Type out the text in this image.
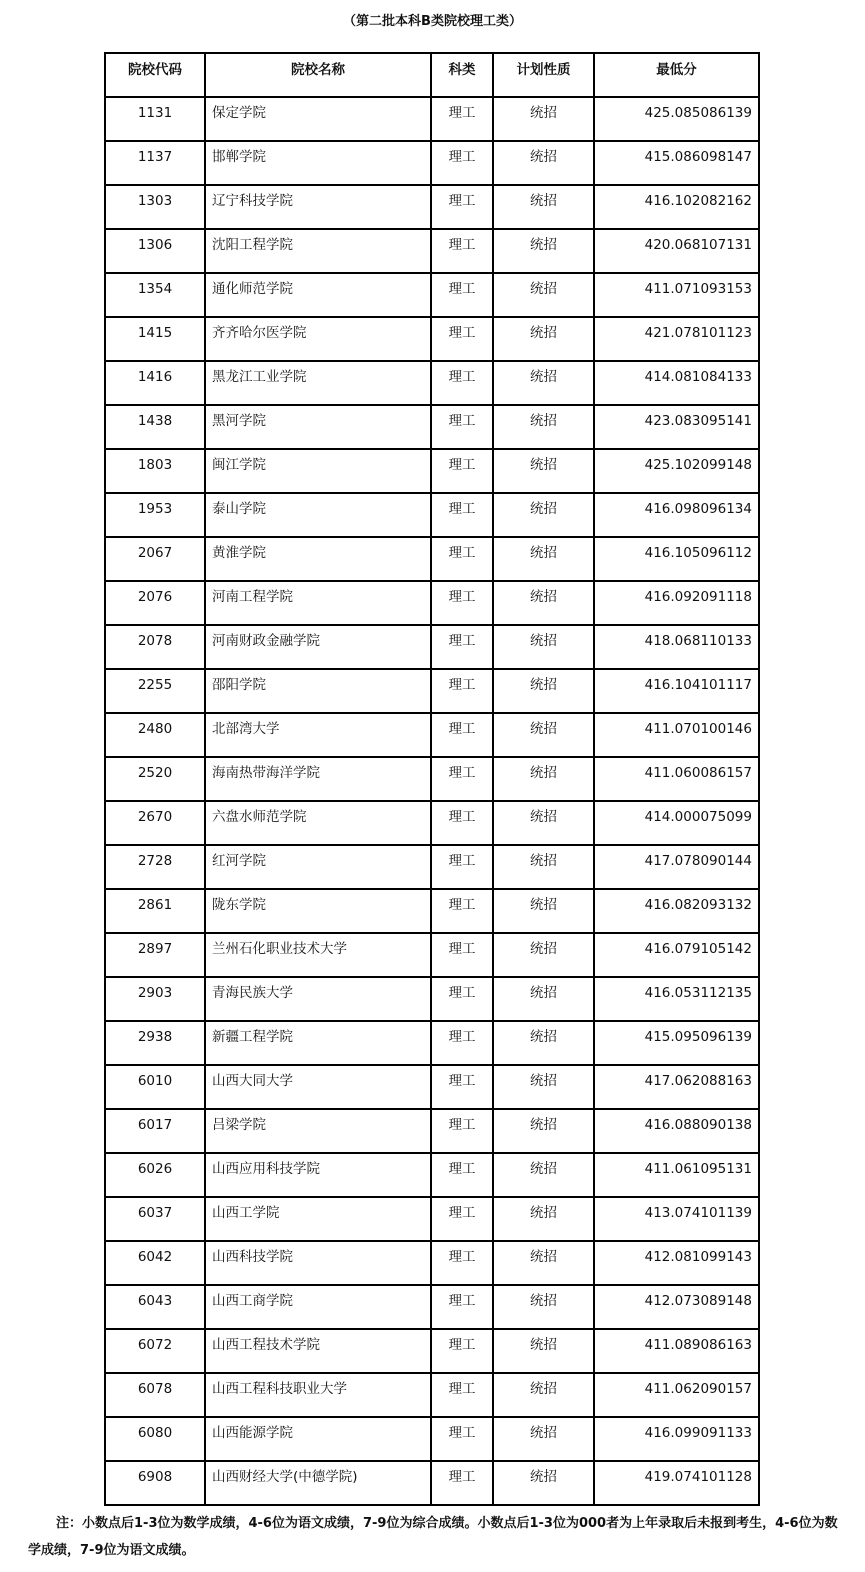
（第二批本科B类院校理工类）
院校代码	院校名称	科类	计划性质	最低分
1131	保定学院	理工	统招	425.085086139
1137	邯郸学院	理工	统招	415.086098147
1303	辽宁科技学院	理工	统招	416.102082162
1306	沈阳工程学院	理工	统招	420.068107131
1354	通化师范学院	理工	统招	411.071093153
1415	齐齐哈尔医学院	理工	统招	421.078101123
1416	黑龙江工业学院	理工	统招	414.081084133
1438	黑河学院	理工	统招	423.083095141
1803	闽江学院	理工	统招	425.102099148
1953	泰山学院	理工	统招	416.098096134
2067	黄淮学院	理工	统招	416.105096112
2076	河南工程学院	理工	统招	416.092091118
2078	河南财政金融学院	理工	统招	418.068110133
2255	邵阳学院	理工	统招	416.104101117
2480	北部湾大学	理工	统招	411.070100146
2520	海南热带海洋学院	理工	统招	411.060086157
2670	六盘水师范学院	理工	统招	414.000075099
2728	红河学院	理工	统招	417.078090144
2861	陇东学院	理工	统招	416.082093132
2897	兰州石化职业技术大学	理工	统招	416.079105142
2903	青海民族大学	理工	统招	416.053112135
2938	新疆工程学院	理工	统招	415.095096139
6010	山西大同大学	理工	统招	417.062088163
6017	吕梁学院	理工	统招	416.088090138
6026	山西应用科技学院	理工	统招	411.061095131
6037	山西工学院	理工	统招	413.074101139
6042	山西科技学院	理工	统招	412.081099143
6043	山西工商学院	理工	统招	412.073089148
6072	山西工程技术学院	理工	统招	411.089086163
6078	山西工程科技职业大学	理工	统招	411.062090157
6080	山西能源学院	理工	统招	416.099091133
6908	山西财经大学(中德学院)	理工	统招	419.074101128
注：小数点后1-3位为数学成绩，4-6位为语文成绩，7-9位为综合成绩。小数点后1-3位为000者为上年录取后未报到考生，4-6位为数学成绩，7-9位为语文成绩。
